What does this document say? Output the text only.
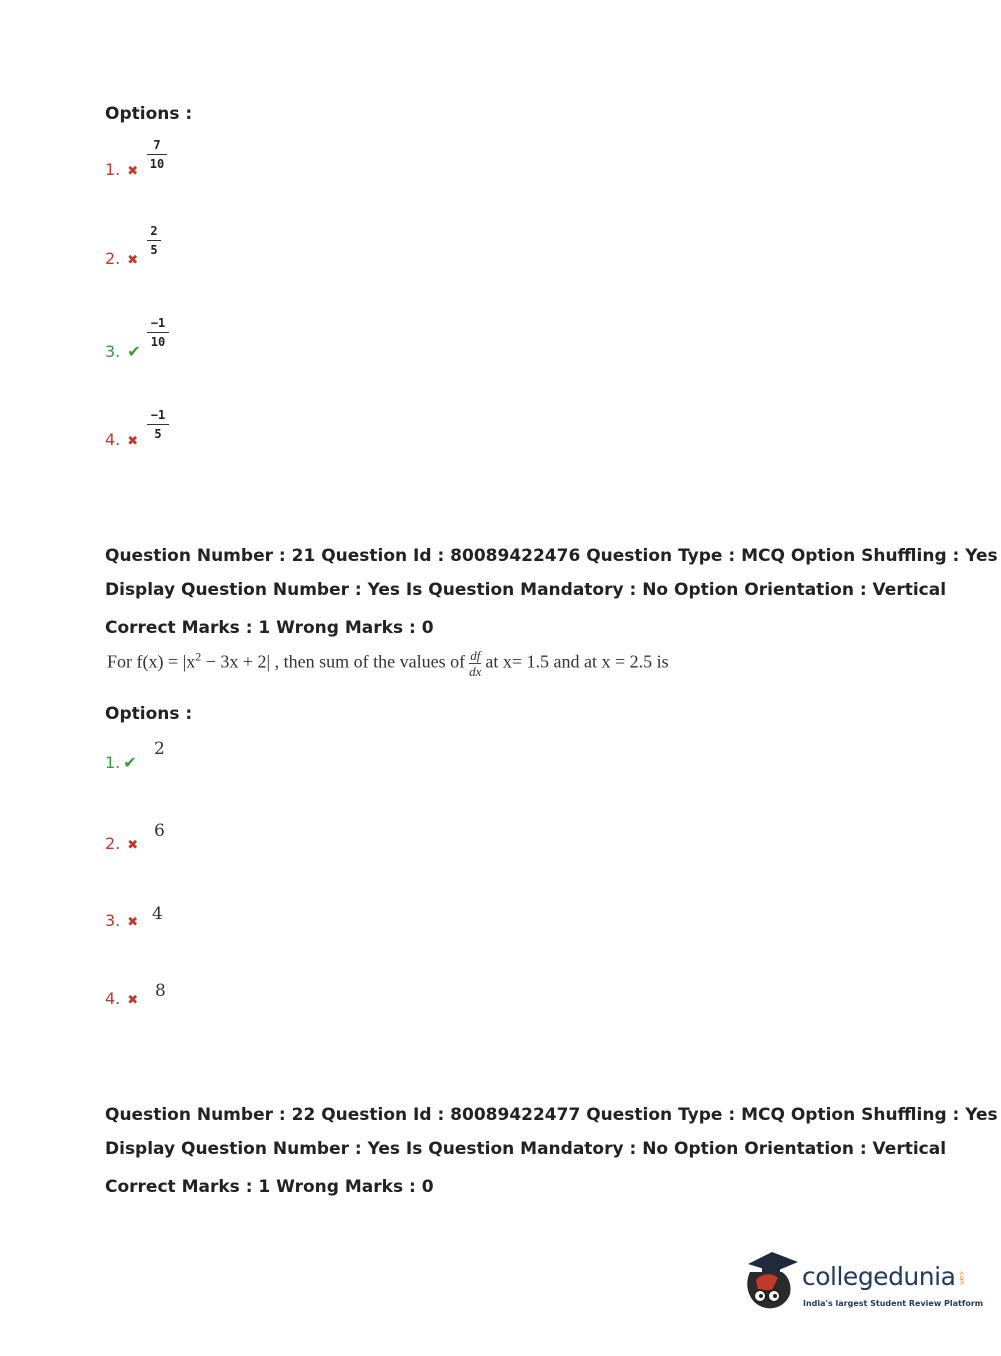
Options :
1. ✖
7
10
2. ✖
2
5
3. ✔
−1
10
4. ✖
−1
5
Question Number : 21 Question Id : 80089422476 Question Type : MCQ Option Shuffling : Yes
Display Question Number : Yes Is Question Mandatory : No Option Orientation : Vertical
Correct Marks : 1 Wrong Marks : 0
For $f(x) = |x^2 - 3x + 2|$ , then sum of the values of $\frac{df}{dx}$ at x= 1.5 and at x = 2.5 is
Options :
1. ✔
2
2. ✖
6
3. ✖ 4
4. ✖ 8
Question Number : 22 Question Id : 80089422477 Question Type : MCQ Option Shuffling : Yes
Display Question Number : Yes Is Question Mandatory : No Option Orientation : Vertical
Correct Marks : 1 Wrong Marks : 0
collegedunia .com
India's largest Student Review Platform
